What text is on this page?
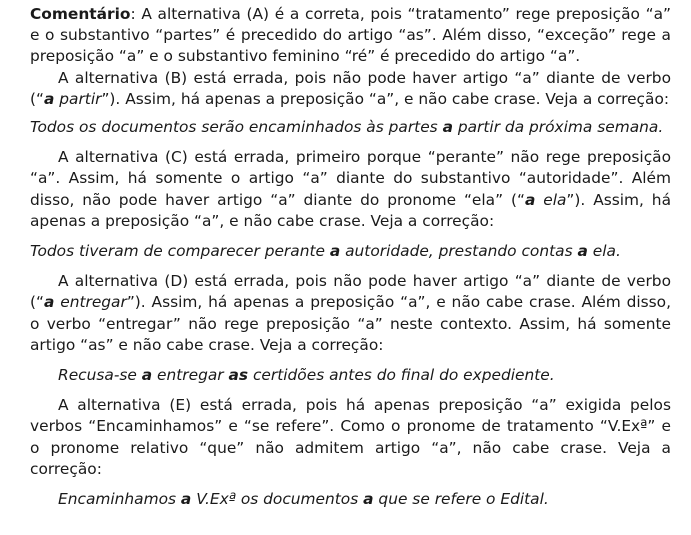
Comentário: A alternativa (A) é a correta, pois “tratamento” rege preposição “a” e o substantivo “partes” é precedido do artigo “as”. Além disso, “exceção” rege a preposição “a” e o substantivo feminino “ré” é precedido do artigo “a”.

A alternativa (B) está errada, pois não pode haver artigo “a” diante de verbo (“a partir”). Assim, há apenas a preposição “a”, e não cabe crase. Veja a correção:

Todos os documentos serão encaminhados às partes a partir da próxima semana.

A alternativa (C) está errada, primeiro porque “perante” não rege preposição “a”. Assim, há somente o artigo “a” diante do substantivo “autoridade”. Além disso, não pode haver artigo “a” diante do pronome “ela” (“a ela”). Assim, há apenas a preposição “a”, e não cabe crase. Veja a correção:

Todos tiveram de comparecer perante a autoridade, prestando contas a ela.

A alternativa (D) está errada, pois não pode haver artigo “a” diante de verbo (“a entregar”). Assim, há apenas a preposição “a”, e não cabe crase. Além disso, o verbo “entregar” não rege preposição “a” neste contexto. Assim, há somente artigo “as” e não cabe crase. Veja a correção:

Recusa-se a entregar as certidões antes do final do expediente.

A alternativa (E) está errada, pois há apenas preposição “a” exigida pelos verbos “Encaminhamos” e “se refere”. Como o pronome de tratamento “V.Exª” e o pronome relativo “que” não admitem artigo “a”, não cabe crase. Veja a correção:

Encaminhamos a V.Exª os documentos a que se refere o Edital.
